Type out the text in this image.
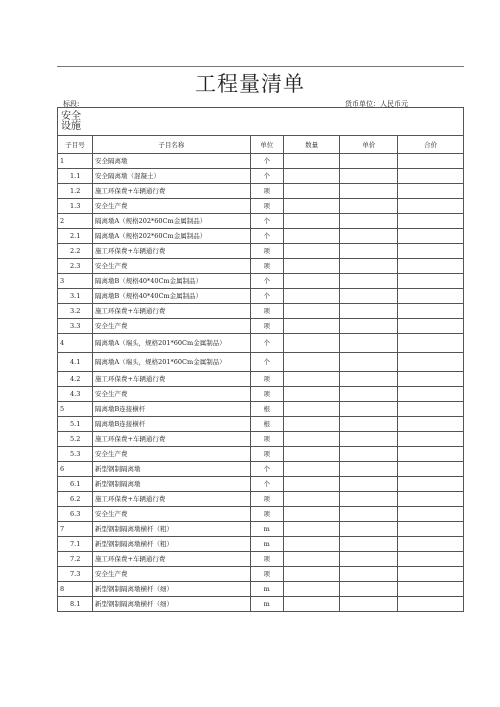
工程量清单
标段:	货币单位：人民币元
安全
设施					
子目号	子目名称	单位	数量	单价	合价
1	安全隔离墩	个			
1.1	安全隔离墩（混凝土）	个			
1.2	施工环保费+车辆通行费	项			
1.3	安全生产费	项			
2	隔离墩A（规格202*60Cm金属制品）	个			
2.1	隔离墩A（规格202*60Cm金属制品）	个			
2.2	施工环保费+车辆通行费	项			
2.3	安全生产费	项			
3	隔离墩B（规格40*40Cm金属制品）	个			
3.1	隔离墩B（规格40*40Cm金属制品）	个			
3.2	施工环保费+车辆通行费	项			
3.3	安全生产费	项			
4	隔离墩A（端头，规格201*60Cm金属制品）	个			
4.1	隔离墩A（端头，规格201*60Cm金属制品）	个			
4.2	施工环保费+车辆通行费	项			
4.3	安全生产费	项			
5	隔离墩B连接横杆	根			
5.1	隔离墩B连接横杆	根			
5.2	施工环保费+车辆通行费	项			
5.3	安全生产费	项			
6	新型钢制隔离墩	个			
6.1	新型钢制隔离墩	个			
6.2	施工环保费+车辆通行费	项			
6.3	安全生产费	项			
7	新型钢制隔离墩横杆（粗）	m			
7.1	新型钢制隔离墩横杆（粗）	m			
7.2	施工环保费+车辆通行费	项			
7.3	安全生产费	项			
8	新型钢制隔离墩横杆（细）	m			
8.1	新型钢制隔离墩横杆（细）	m			
